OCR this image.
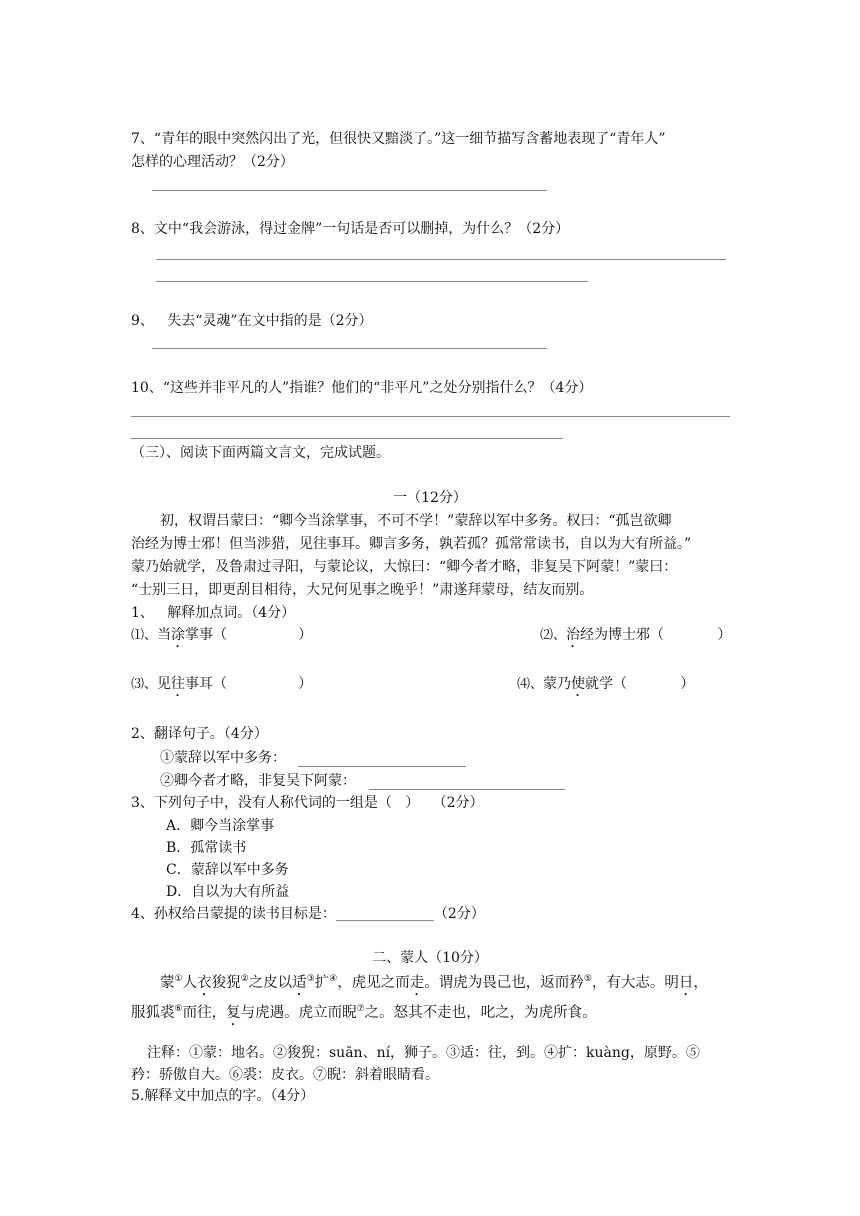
7、“青年的眼中突然闪出了光，但很快又黯淡了。”这一细节描写含蓄地表现了“青年人”
怎样的心理活动？（2分）
8、文中“我会游泳，得过金牌”一句话是否可以删掉，为什么？（2分）
9、   失去“灵魂”在文中指的是（2分）
10、“这些并非平凡的人”指谁？他们的“非平凡”之处分别指什么？（4分）
（三）、阅读下面两篇文言文，完成试题。
一（12分）
初，权谓吕蒙曰：“卿今当涂掌事，不可不学！”蒙辞以军中多务。权曰：“孤岂欲卿
治经为博士邪！但当涉猎，见往事耳。卿言多务，孰若孤？孤常常读书，自以为大有所益。”
蒙乃始就学，及鲁肃过寻阳，与蒙论议，大惊曰：“卿今者才略，非复吴下阿蒙！”蒙曰：
“士别三日，即更刮目相待，大兄何见事之晚乎！”肃遂拜蒙母，结友而别。
1、   解释加点词。（4分）
⑴、当涂掌事（                ）	⑵、治经为博士邪（            ）
⑶、见往事耳（                ）	⑷、蒙乃使就学（            ）
2、翻译句子。（4分）
①蒙辞以军中多务：
②卿今者才略，非复吴下阿蒙：
3、下列句子中，没有人称代词的一组是（   ）   （2分）
A．卿今当涂掌事
B．孤常读书
C．蒙辞以军中多务
D．自以为大有所益
4、孙权给吕蒙提的读书目标是：______________（2分）
二、蒙人（10分）
蒙①人衣狻猊②之皮以适③扩④，虎见之而走。谓虎为畏己也，返而矜⑤，有大志。明日，
服狐裘⑥而往，复与虎遇。虎立而睨⑦之。怒其不走也，叱之，为虎所食。
注释：①蒙：地名。②狻猊：suān、ní，狮子。③适：往，到。④扩：kuàng，原野。⑤
矜：骄傲自大。⑥裘：皮衣。⑦睨：斜着眼睛看。
5.解释文中加点的字。（4分）
